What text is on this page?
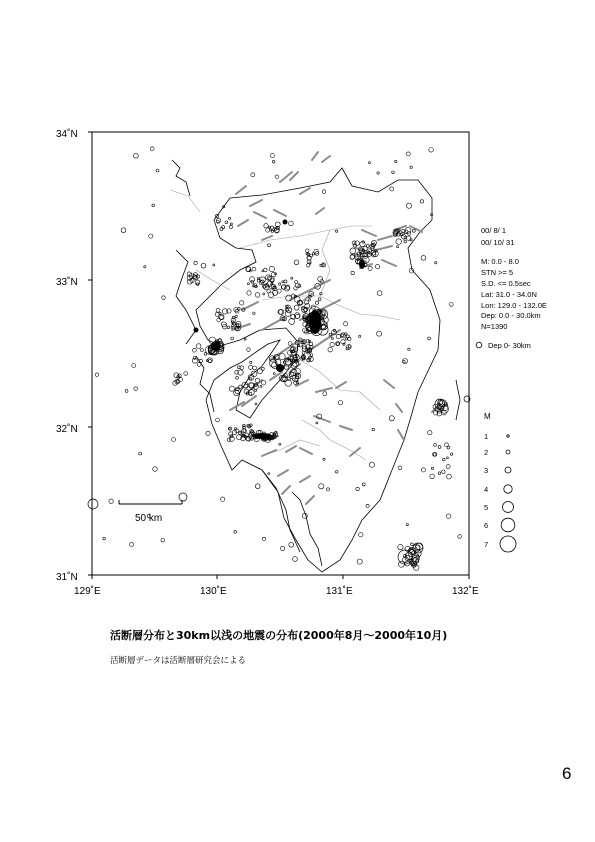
50 km
34˚N
33˚N
32˚N
31˚N
129˚E	130˚E	131˚E	132˚E
M
1
2
3
4
5
6
7
00/ 8/ 1
00/ 10/ 31
M: 0.0 - 8.0
STN >= 5
S.D. <= 0.5sec
Lat: 31.0 - 34.0N
Lon: 129.0 - 132.0E
Dep: 0.0 - 30.0km
N=1390
Dep 0- 30km
活断層分布と30km以浅の地震の分布(2000年8月～2000年10月)
活断層データは活断層研究会による
6
